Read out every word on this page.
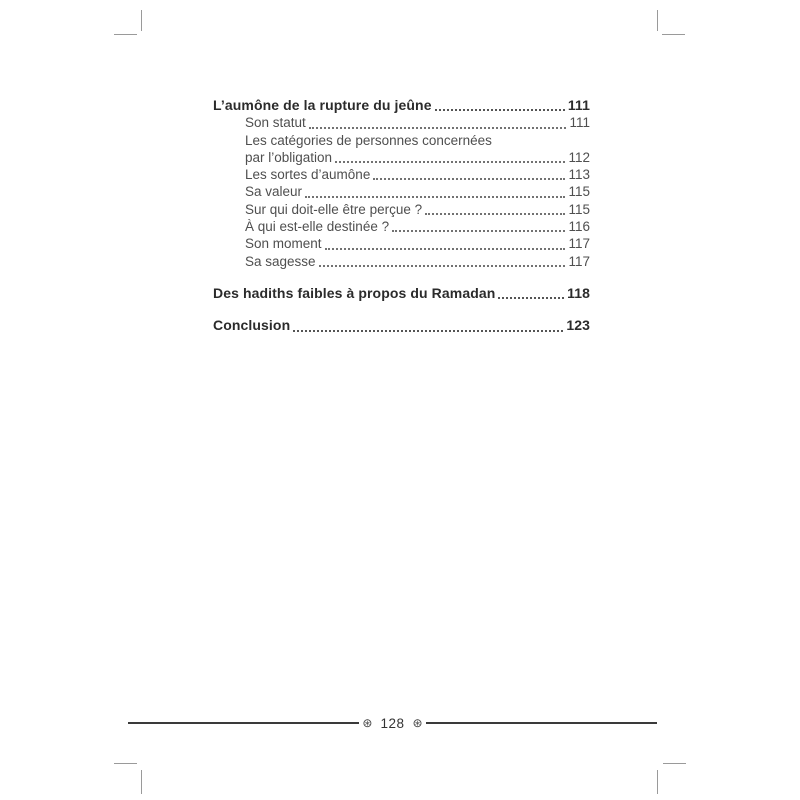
L’aumône de la rupture du jeûne	111
Son statut	111
Les catégories de personnes concernées
par l’obligation	112
Les sortes d’aumône	113
Sa valeur	115
Sur qui doit-elle être perçue ?	115
À qui est-elle destinée ?	116
Son moment	117
Sa sagesse	117
Des hadiths faibles à propos du Ramadan	118
Conclusion	123
⊛ 128 ⊛
